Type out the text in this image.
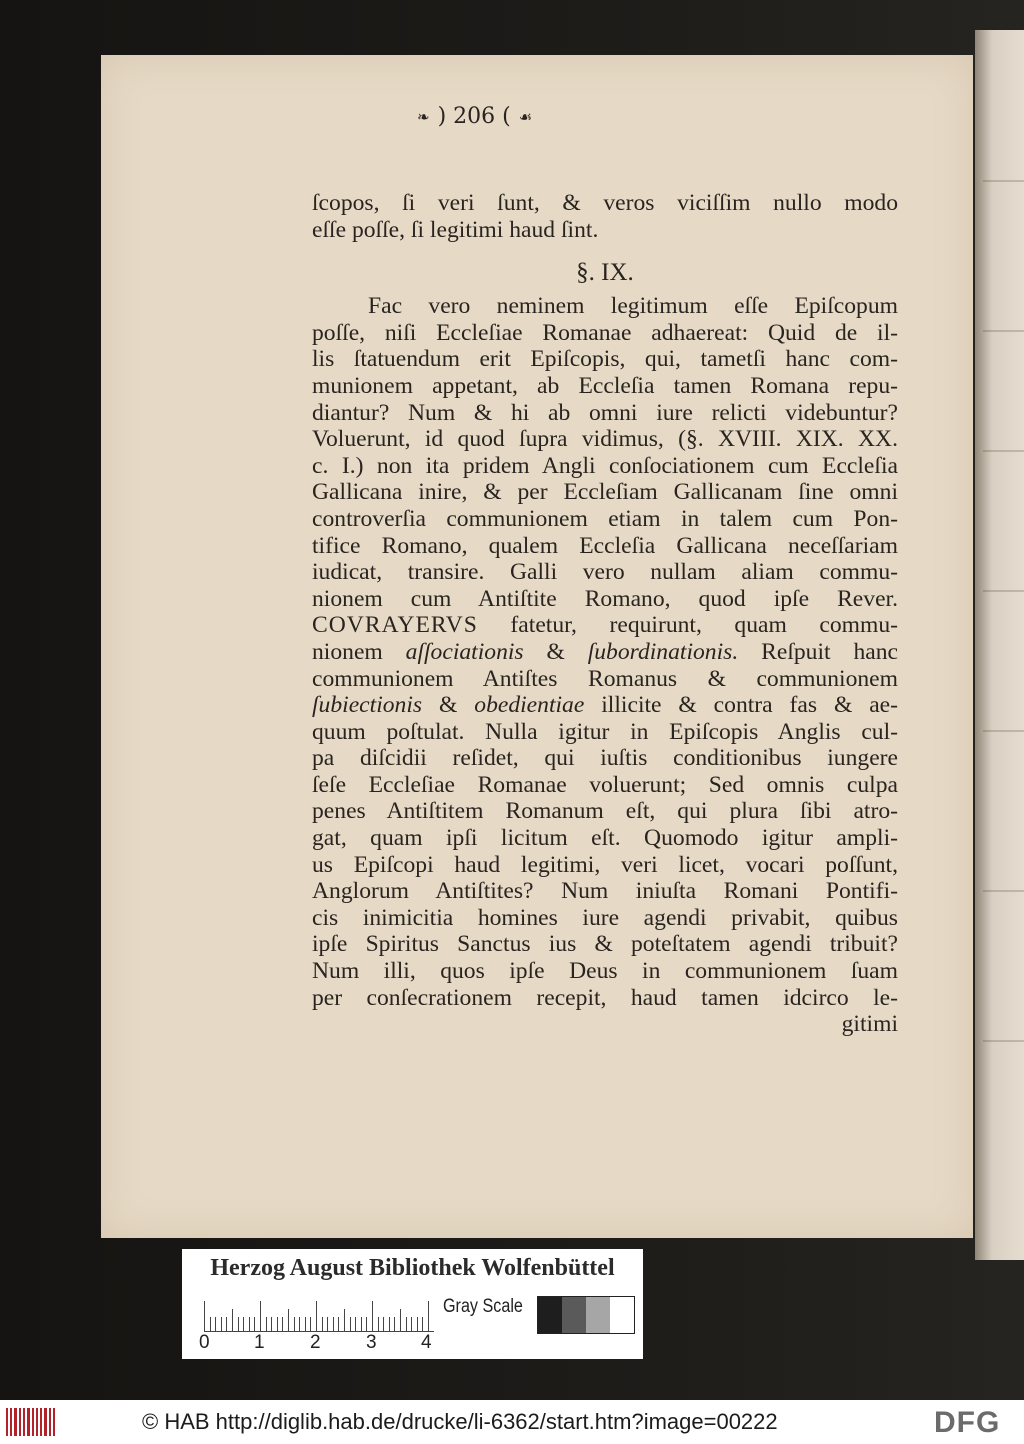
❧ ) 206 ( ☙
ſcopos, ſi veri ſunt, & veros viciſſim nullo modo
eſſe poſſe, ſi legitimi haud ſint.
§. IX.
Fac vero neminem legitimum eſſe Epiſcopum
poſſe, niſi Eccleſiae Romanae adhaereat: Quid de il-
lis ſtatuendum erit Epiſcopis, qui, tametſi hanc com-
munionem appetant, ab Eccleſia tamen Romana repu-
diantur? Num & hi ab omni iure relicti videbuntur?
Voluerunt, id quod ſupra vidimus, (§. XVIII. XIX. XX.
c. I.) non ita pridem Angli conſociationem cum Eccleſia
Gallicana inire, & per Eccleſiam Gallicanam ſine omni
controverſia communionem etiam in talem cum Pon-
tifice Romano, qualem Eccleſia Gallicana neceſſariam
iudicat, transire. Galli vero nullam aliam commu-
nionem cum Antiſtite Romano, quod ipſe Rever.
COVRAYERVS fatetur, requirunt, quam commu-
nionem aſſociationis & ſubordinationis. Reſpuit hanc
communionem Antiſtes Romanus & communionem
ſubiectionis & obedientiae illicite & contra fas & ae-
quum poſtulat. Nulla igitur in Epiſcopis Anglis cul-
pa diſcidii reſidet, qui iuſtis conditionibus iungere
ſeſe Eccleſiae Romanae voluerunt; Sed omnis culpa
penes Antiſtitem Romanum eſt, qui plura ſibi atro-
gat, quam ipſi licitum eſt. Quomodo igitur ampli-
us Epiſcopi haud legitimi, veri licet, vocari poſſunt,
Anglorum Antiſtites? Num iniuſta Romani Pontifi-
cis inimicitia homines iure agendi privabit, quibus
ipſe Spiritus Sanctus ius & poteſtatem agendi tribuit?
Num illi, quos ipſe Deus in communionem ſuam
per conſecrationem recepit, haud tamen idcirco le-
gitimi
Herzog August Bibliothek Wolfenbüttel
0 1 2 3 4
Gray Scale
© HAB http://diglib.hab.de/drucke/li-6362/start.htm?image=00222	DFG
